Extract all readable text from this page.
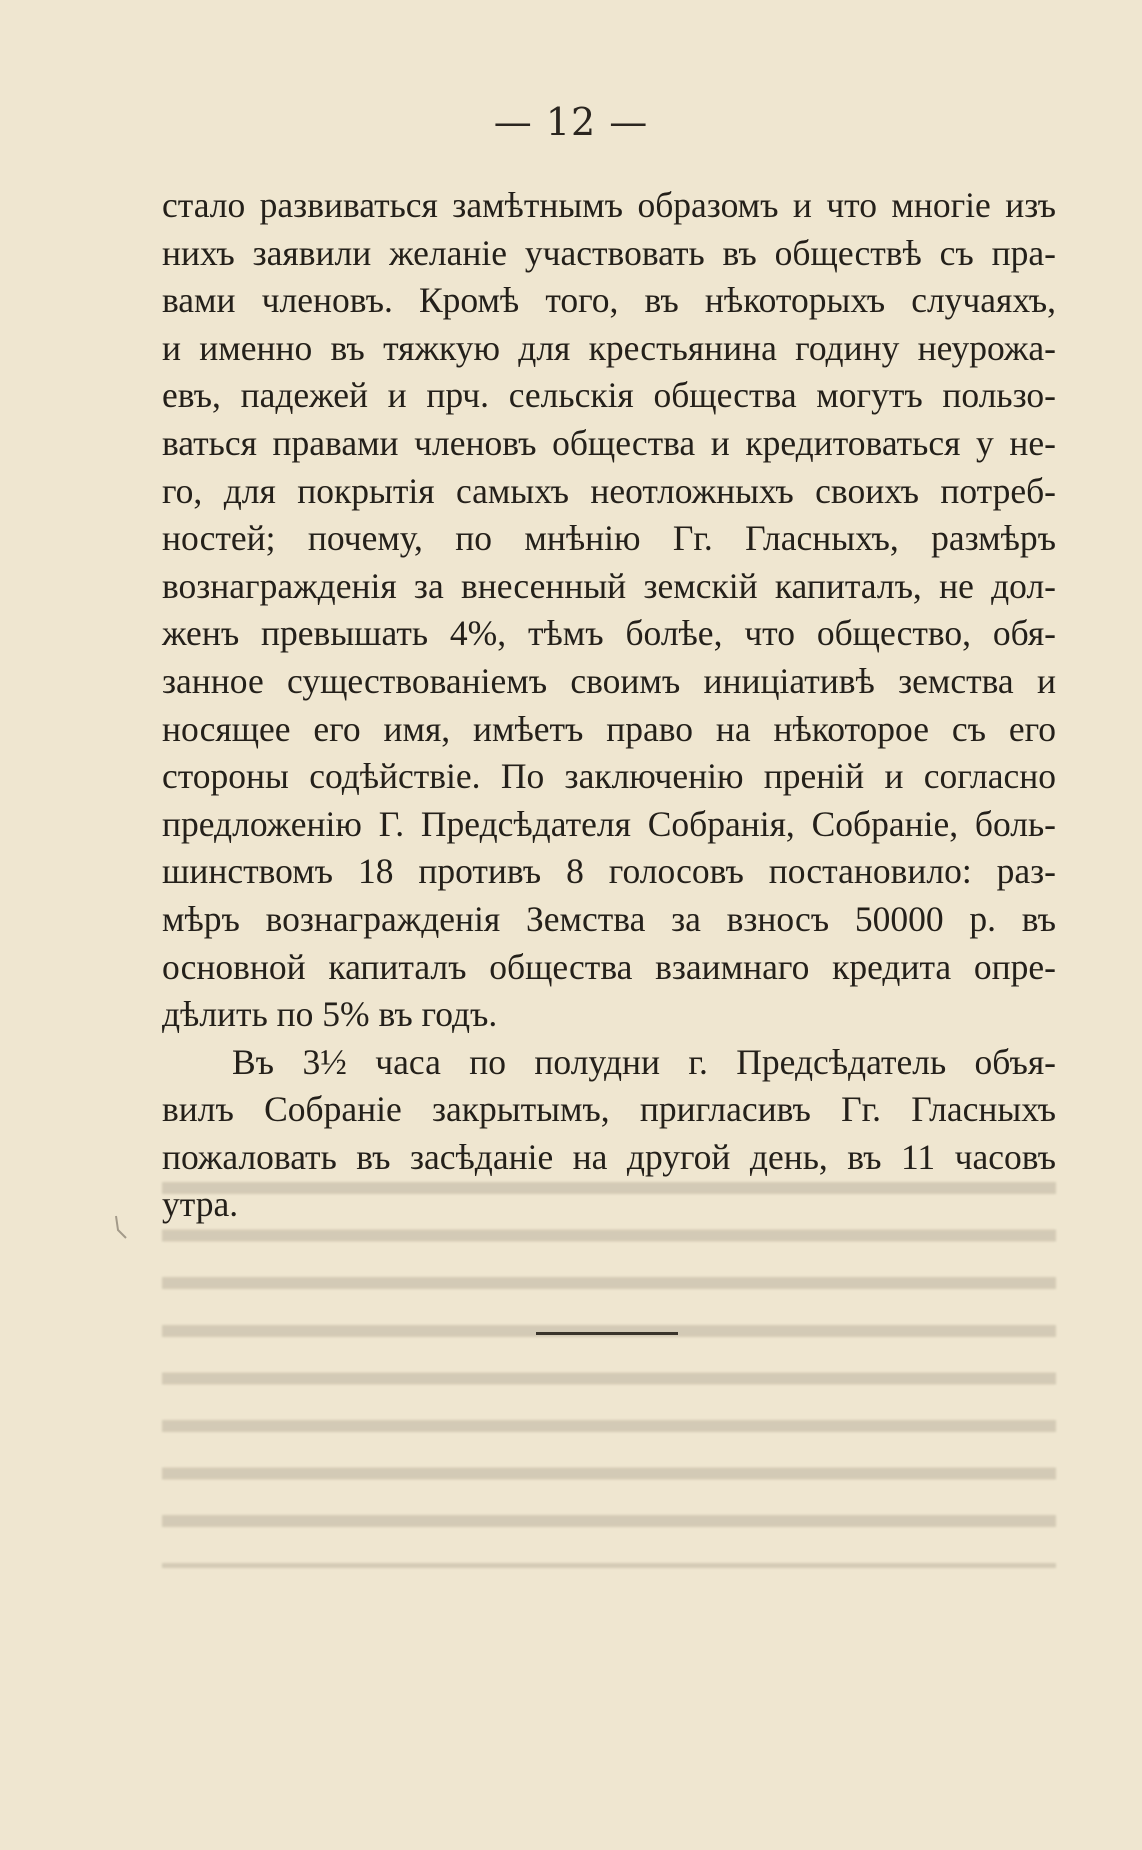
— 12 —
стало развиваться замѣтнымъ образомъ и что многіе изъ
нихъ заявили желаніе участвовать въ обществѣ съ пра-
вами членовъ. Кромѣ того, въ нѣкоторыхъ случаяхъ,
и именно въ тяжкую для крестьянина годину неурожа-
евъ, падежей и прч. сельскія общества могутъ пользо-
ваться правами членовъ общества и кредитоваться у не-
го, для покрытія самыхъ неотложныхъ своихъ потреб-
ностей; почему, по мнѣнію Гг. Гласныхъ, размѣръ
вознагражденія за внесенный земскій капиталъ, не дол-
женъ превышать 4%, тѣмъ болѣе, что общество, обя-
занное существованіемъ своимъ иниціативѣ земства и
носящее его имя, имѣетъ право на нѣкоторое съ его
стороны содѣйствіе. По заключенію преній и согласно
предложенію Г. Предсѣдателя Собранія, Собраніе, боль-
шинствомъ 18 противъ 8 голосовъ постановило: раз-
мѣръ вознагражденія Земства за взносъ 50000 р. въ
основной капиталъ общества взаимнаго кредита опре-
дѣлить по 5% въ годъ.
Въ 3½ часа по полудни г. Предсѣдатель объя-
вилъ Собраніе закрытымъ, пригласивъ Гг. Гласныхъ
пожаловать въ засѣданіе на другой день, въ 11 часовъ
утра.
